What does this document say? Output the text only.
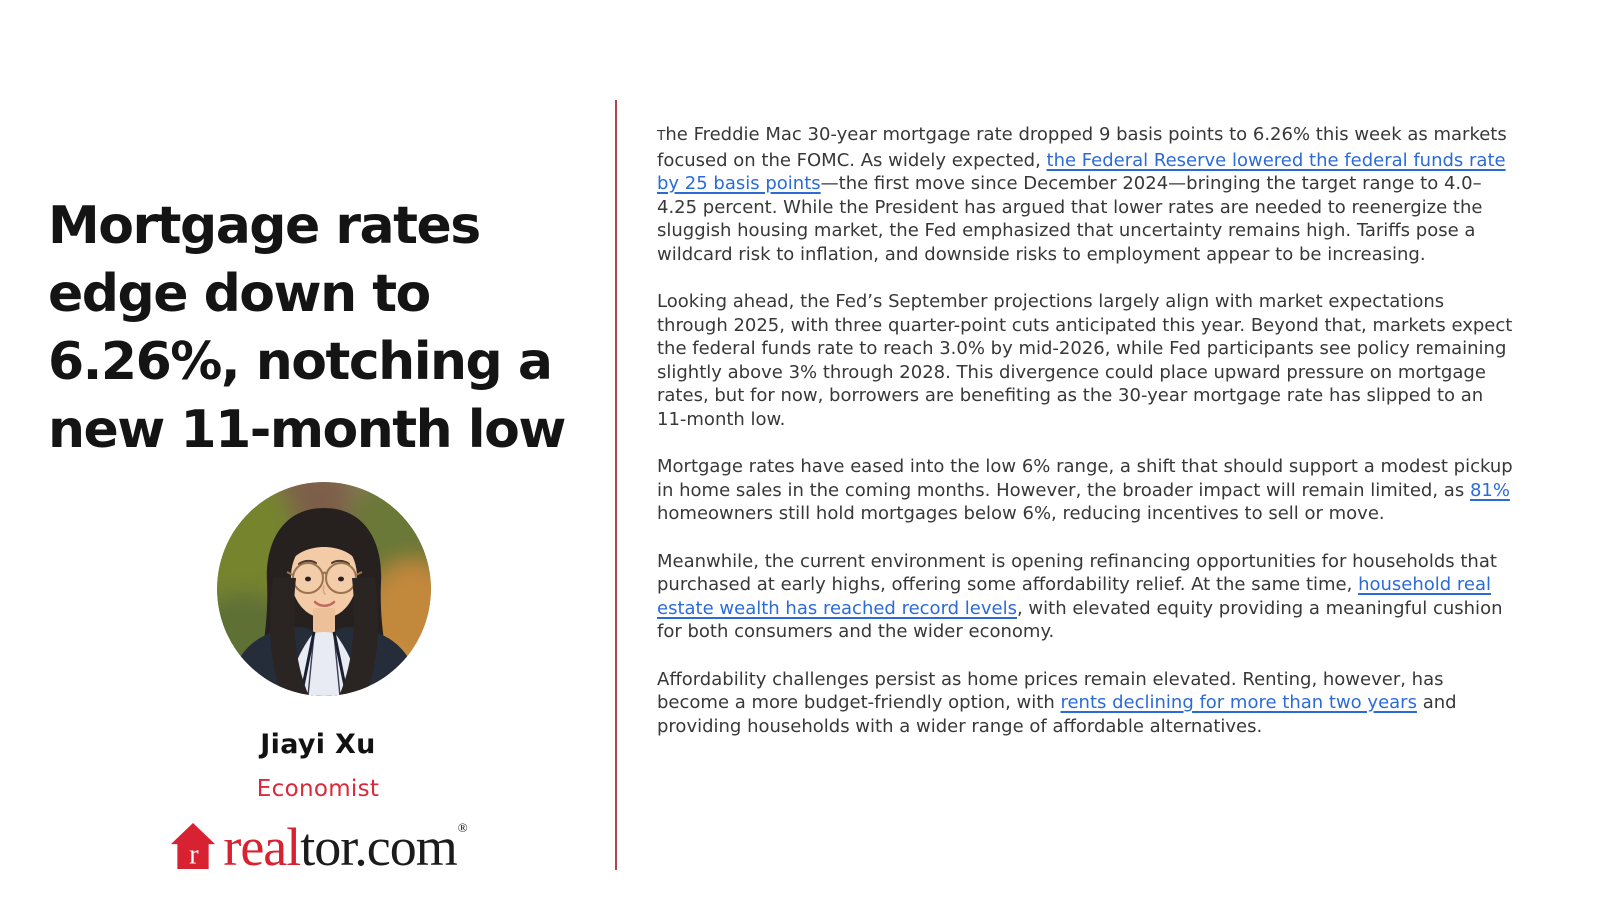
Mortgage rates
edge down to
6.26%, notching a
new 11-month low
Jiayi Xu
Economist
r realtor.com®

The Freddie Mac 30-year mortgage rate dropped 9 basis points to 6.26% this week as markets focused on the FOMC. As widely expected, the Federal Reserve lowered the federal funds rate by 25 basis points—the first move since December 2024—bringing the target range to 4.0–4.25 percent. While the President has argued that lower rates are needed to reenergize the sluggish housing market, the Fed emphasized that uncertainty remains high. Tariffs pose a wildcard risk to inflation, and downside risks to employment appear to be increasing.

Looking ahead, the Fed’s September projections largely align with market expectations through 2025, with three quarter-point cuts anticipated this year. Beyond that, markets expect the federal funds rate to reach 3.0% by mid-2026, while Fed participants see policy remaining slightly above 3% through 2028. This divergence could place upward pressure on mortgage rates, but for now, borrowers are benefiting as the 30-year mortgage rate has slipped to an 11-month low.

Mortgage rates have eased into the low 6% range, a shift that should support a modest pickup in home sales in the coming months. However, the broader impact will remain limited, as 81% homeowners still hold mortgages below 6%, reducing incentives to sell or move.

Meanwhile, the current environment is opening refinancing opportunities for households that purchased at early highs, offering some affordability relief. At the same time, household real estate wealth has reached record levels, with elevated equity providing a meaningful cushion for both consumers and the wider economy.

Affordability challenges persist as home prices remain elevated. Renting, however, has become a more budget-friendly option, with rents declining for more than two years and providing households with a wider range of affordable alternatives.
